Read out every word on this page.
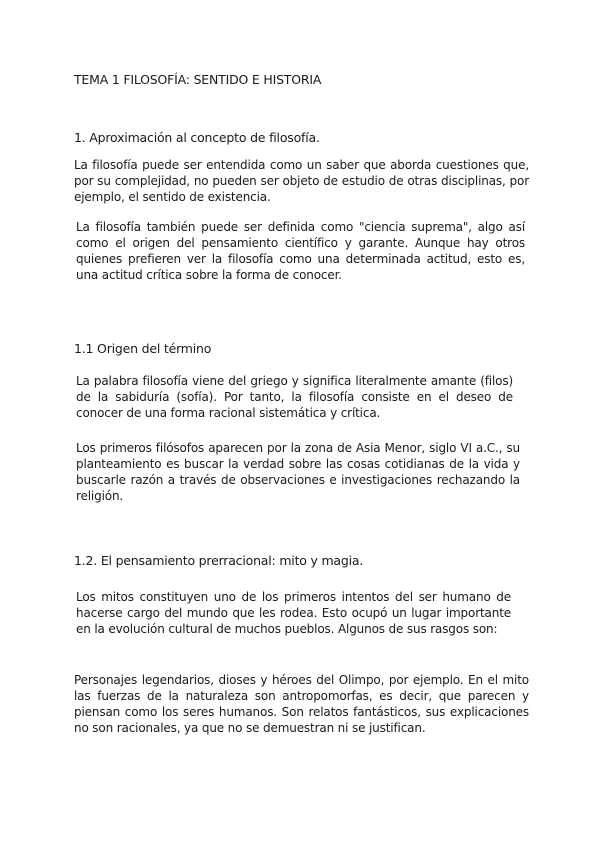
TEMA 1 FILOSOFÍA: SENTIDO E HISTORIA
1. Aproximación al concepto de filosofía.

La filosofía puede ser entendida como un saber que aborda cuestiones que, por su complejidad, no pueden ser objeto de estudio de otras disciplinas, por ejemplo, el sentido de existencia.

La filosofía también puede ser definida como "ciencia suprema", algo así como el origen del pensamiento científico y garante. Aunque hay otros quienes prefieren ver la filosofía como una determinada actitud, esto es, una actitud crítica sobre la forma de conocer.

1.1 Origen del término

La palabra filosofía viene del griego y significa literalmente amante (filos) de la sabiduría (sofía). Por tanto, la filosofía consiste en el deseo de conocer de una forma racional sistemática y crítica.

Los primeros filósofos aparecen por la zona de Asia Menor, siglo VI a.C., su planteamiento es buscar la verdad sobre las cosas cotidianas de la vida y buscarle razón a través de observaciones e investigaciones rechazando la religión.

1.2. El pensamiento prerracional: mito y magia.

Los mitos constituyen uno de los primeros intentos del ser humano de hacerse cargo del mundo que les rodea. Esto ocupó un lugar importante en la evolución cultural de muchos pueblos. Algunos de sus rasgos son:

Personajes legendarios, dioses y héroes del Olimpo, por ejemplo. En el mito las fuerzas de la naturaleza son antropomorfas, es decir, que parecen y piensan como los seres humanos. Son relatos fantásticos, sus explicaciones no son racionales, ya que no se demuestran ni se justifican.
